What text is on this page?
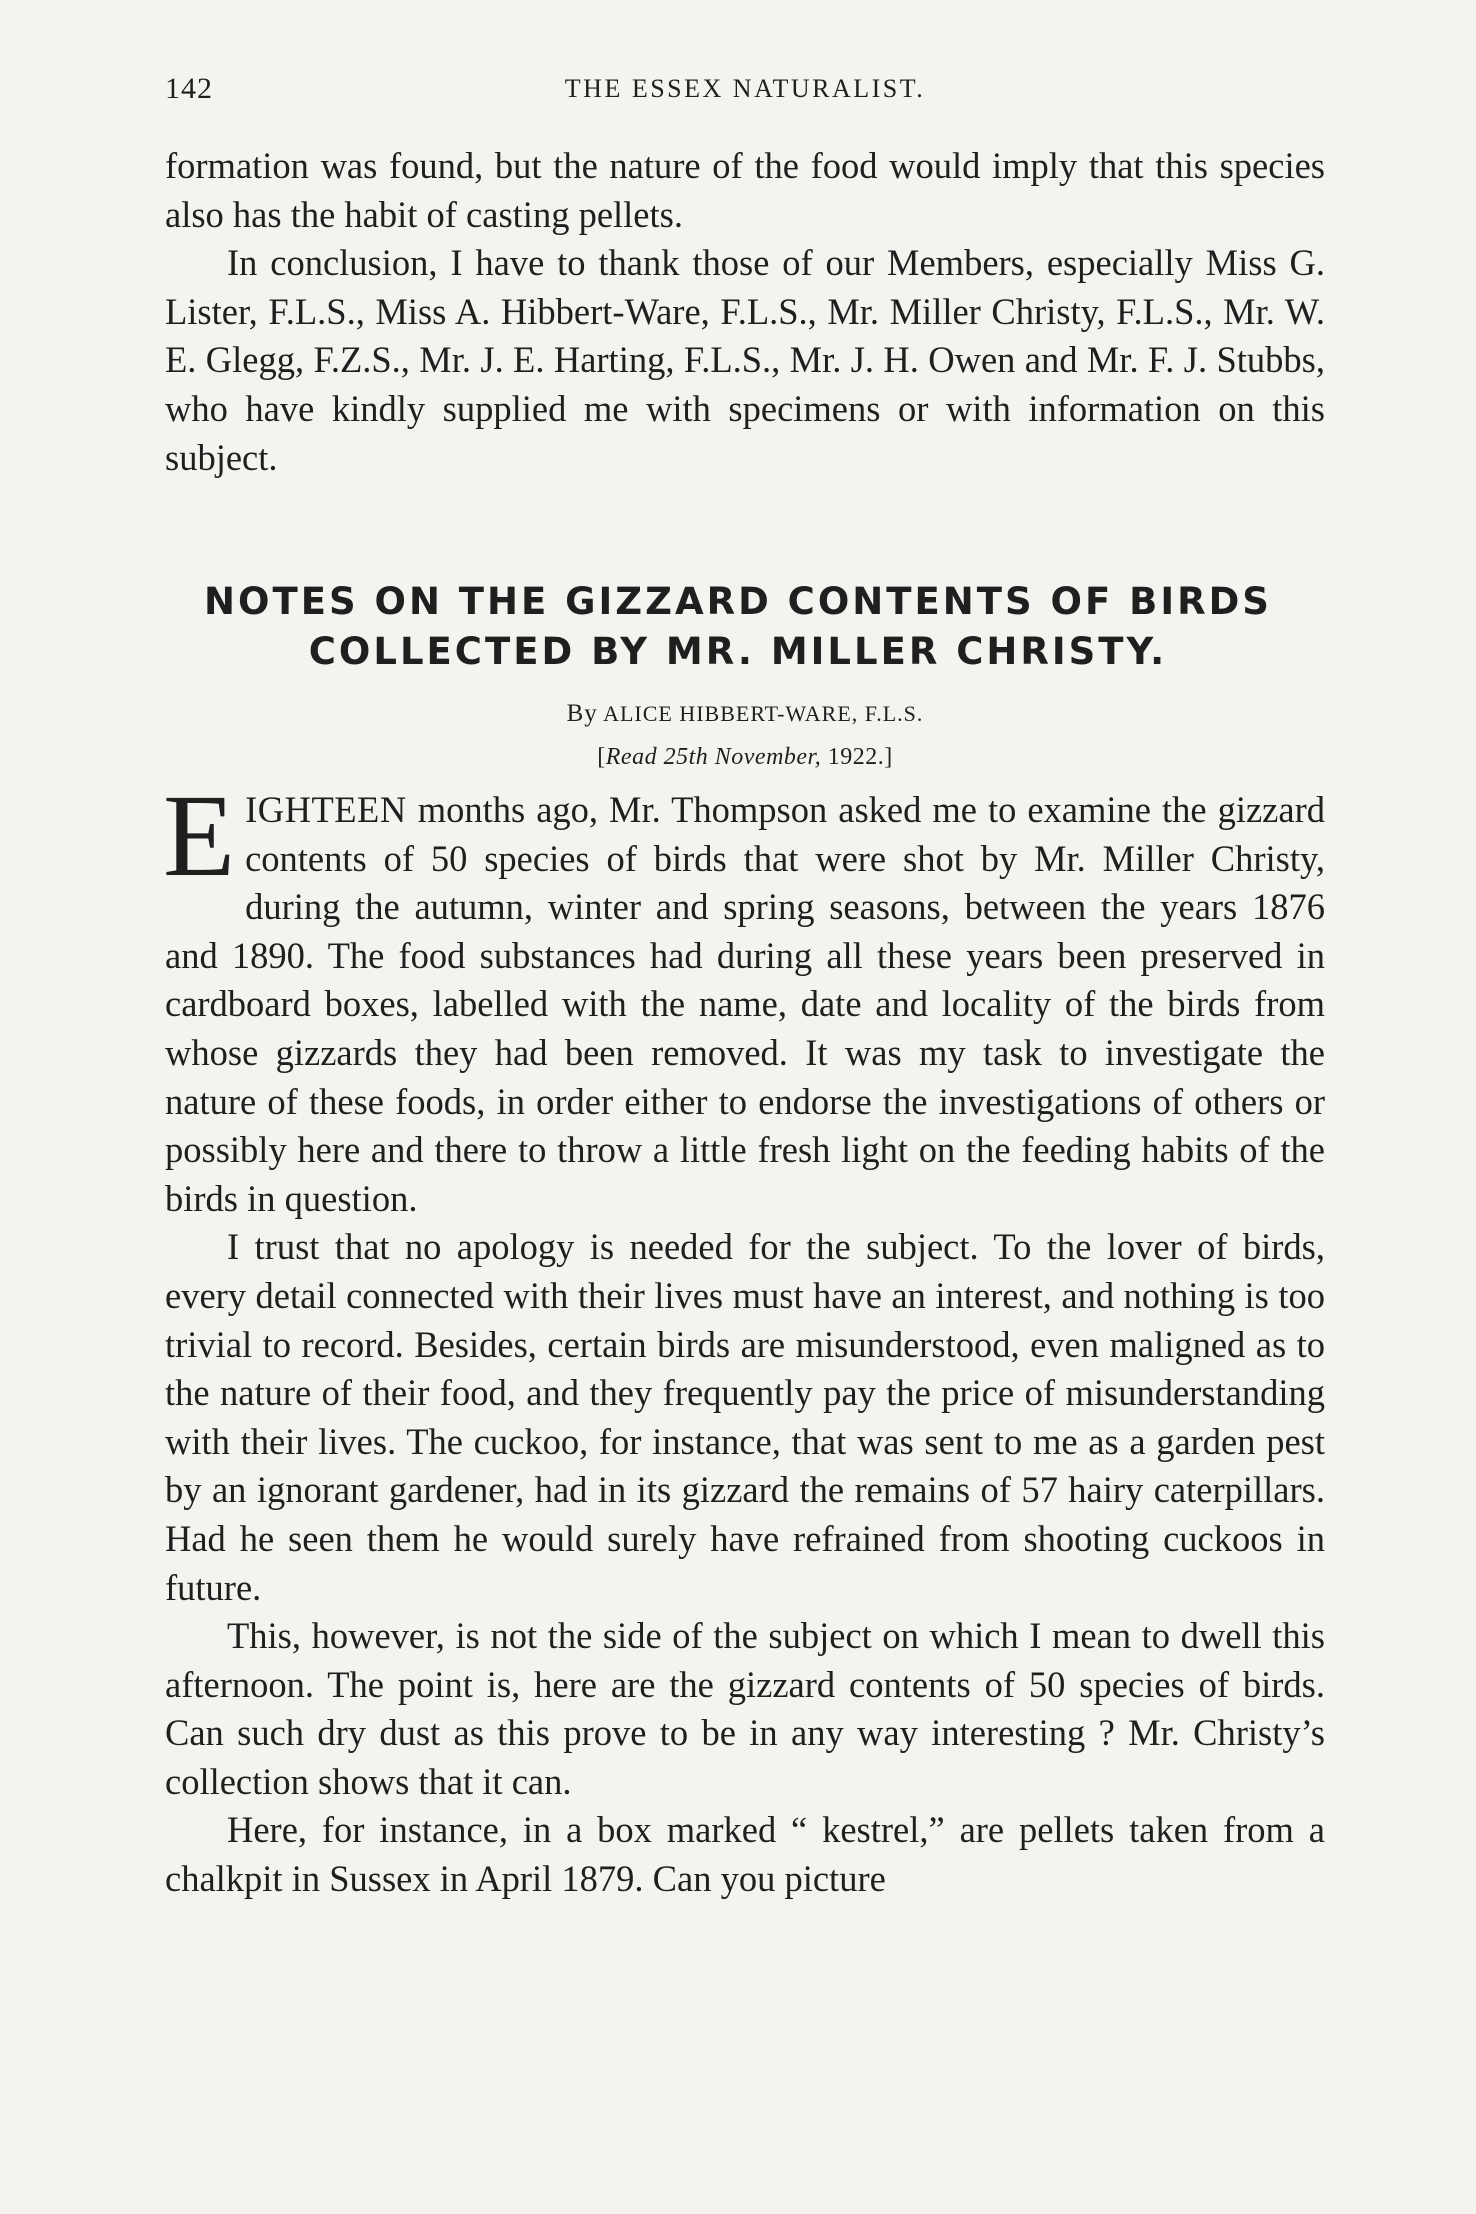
142	THE ESSEX NATURALIST.

formation was found, but the nature of the food would imply that this species also has the habit of casting pellets.

In conclusion, I have to thank those of our Members, especially Miss G. Lister, F.L.S., Miss A. Hibbert-Ware, F.L.S., Mr. Miller Christy, F.L.S., Mr. W. E. Glegg, F.Z.S., Mr. J. E. Harting, F.L.S., Mr. J. H. Owen and Mr. F. J. Stubbs, who have kindly supplied me with specimens or with information on this subject.

NOTES ON THE GIZZARD CONTENTS OF BIRDS
COLLECTED BY MR. MILLER CHRISTY.
By ALICE HIBBERT-WARE, F.L.S.
[Read 25th November, 1922.]

EIGHTEEN months ago, Mr. Thompson asked me to examine the gizzard contents of 50 species of birds that were shot by Mr. Miller Christy, during the autumn, winter and spring seasons, between the years 1876 and 1890. The food substances had during all these years been preserved in cardboard boxes, labelled with the name, date and locality of the birds from whose gizzards they had been removed. It was my task to investigate the nature of these foods, in order either to endorse the investigations of others or possibly here and there to throw a little fresh light on the feeding habits of the birds in question.

I trust that no apology is needed for the subject. To the lover of birds, every detail connected with their lives must have an interest, and nothing is too trivial to record. Besides, certain birds are misunderstood, even maligned as to the nature of their food, and they frequently pay the price of misunderstanding with their lives. The cuckoo, for instance, that was sent to me as a garden pest by an ignorant gardener, had in its gizzard the remains of 57 hairy caterpillars. Had he seen them he would surely have refrained from shooting cuckoos in future.

This, however, is not the side of the subject on which I mean to dwell this afternoon. The point is, here are the gizzard contents of 50 species of birds. Can such dry dust as this prove to be in any way interesting ? Mr. Christy’s collection shows that it can.

Here, for instance, in a box marked “ kestrel,” are pellets taken from a chalkpit in Sussex in April 1879. Can you picture
